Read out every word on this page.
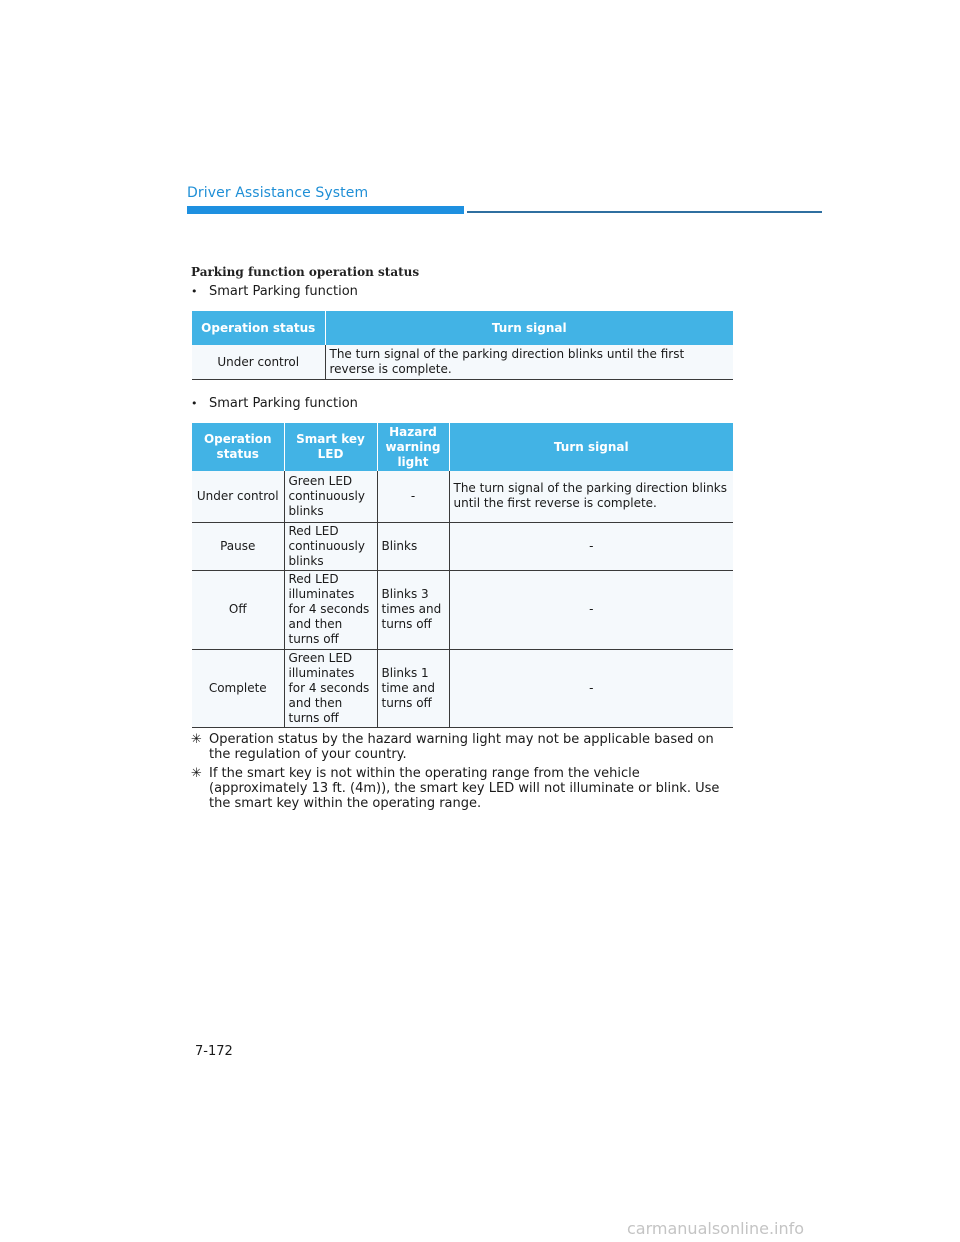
Driver Assistance System
Parking function operation status
• Smart Parking function
Operation status	Turn signal
Under control	The turn signal of the parking direction blinks until the first reverse is complete.
• Smart Parking function
Operation status	Smart key LED	Hazard warning light	Turn signal
Under control	Green LED continuously blinks	-	The turn signal of the parking direction blinks until the first reverse is complete.
Pause	Red LED continuously blinks	Blinks	-
Off	Red LED illuminates for 4 seconds and then turns off	Blinks 3 times and turns off	-
Complete	Green LED illuminates for 4 seconds and then turns off	Blinks 1 time and turns off	-
✳ Operation status by the hazard warning light may not be applicable based on the regulation of your country.
✳ If the smart key is not within the operating range from the vehicle (approximately 13 ft. (4m)), the smart key LED will not illuminate or blink. Use the smart key within the operating range.
7-172
carmanualsonline.info
